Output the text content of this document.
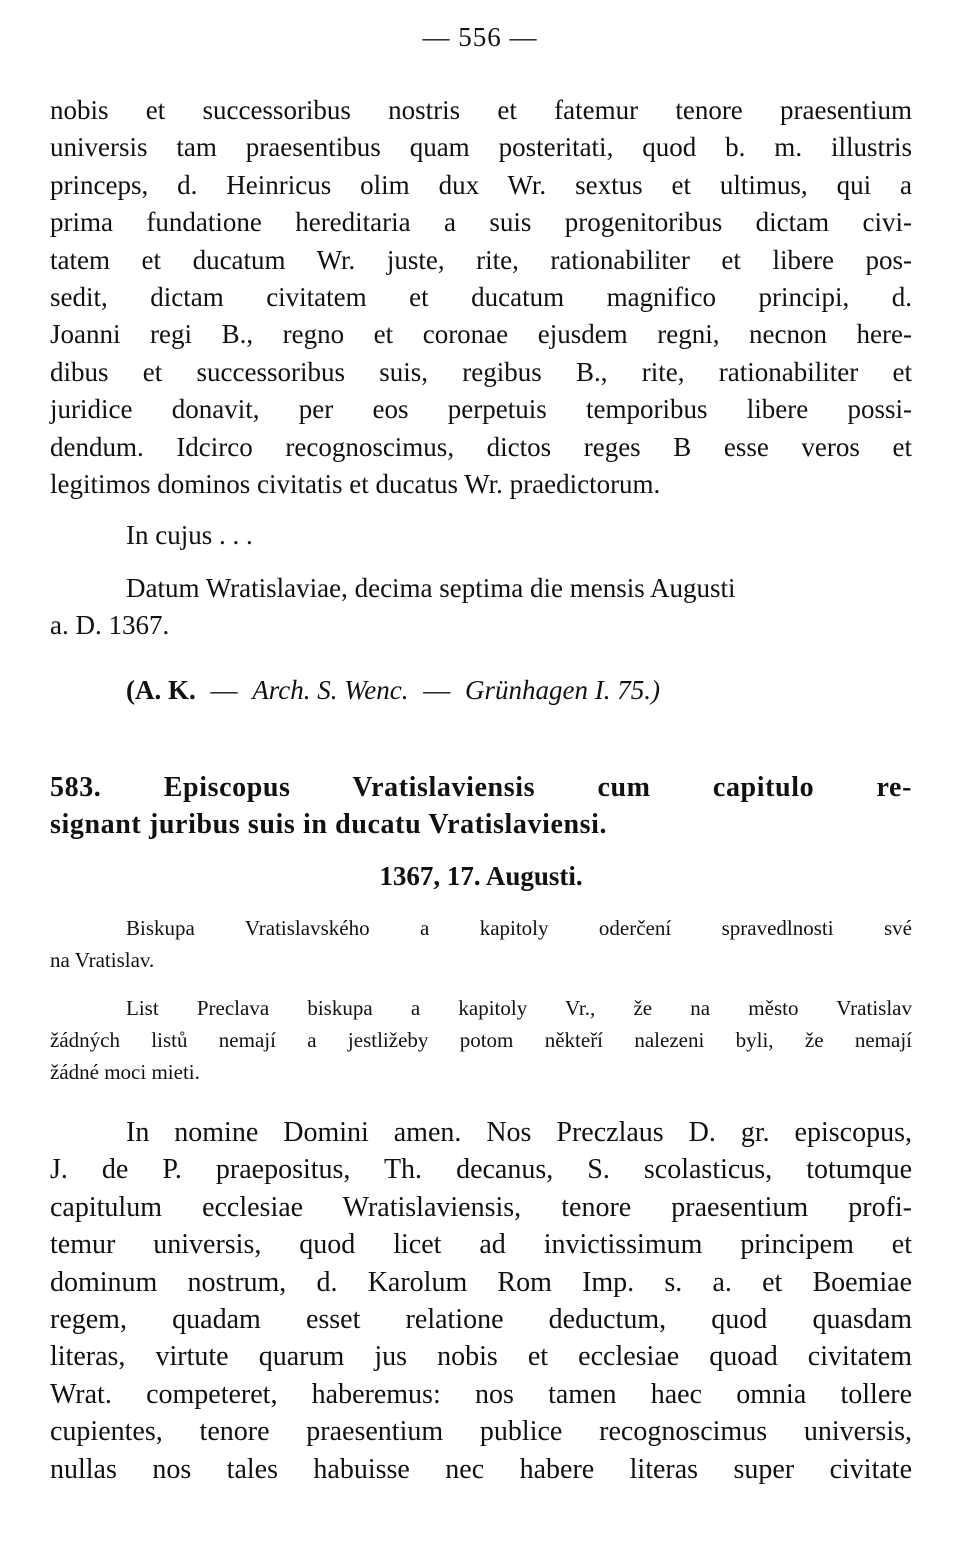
— 556 —
nobis et successoribus nostris et fatemur tenore praesentium
universis tam praesentibus quam posteritati, quod b. m. illustris
princeps, d. Heinricus olim dux Wr. sextus et ultimus, qui a
prima fundatione hereditaria a suis progenitoribus dictam civi-
tatem et ducatum Wr. juste, rite, rationabiliter et libere pos-
sedit, dictam civitatem et ducatum magnifico principi, d.
Joanni regi B., regno et coronae ejusdem regni, necnon here-
dibus et successoribus suis, regibus B., rite, rationabiliter et
juridice donavit, per eos perpetuis temporibus libere possi-
dendum. Idcirco recognoscimus, dictos reges B esse veros et
legitimos dominos civitatis et ducatus Wr. praedictorum.
In cujus . . .
Datum Wratislaviae, decima septima die mensis Augusti
a. D. 1367.
(A. K. — Arch. S. Wenc. — Grünhagen I. 75.)
583. Episcopus Vratislaviensis cum capitulo re-
signant juribus suis in ducatu Vratislaviensi.
1367, 17. Augusti.
Biskupa Vratislavského a kapitoly oderčení spravedlnosti své
na Vratislav.
List Preclava biskupa a kapitoly Vr., že na město Vratislav
žádných listů nemají a jestližeby potom někteří nalezeni byli, že nemají
žádné moci mieti.
In nomine Domini amen. Nos Preczlaus D. gr. episcopus,
J. de P. praepositus, Th. decanus, S. scolasticus, totumque
capitulum ecclesiae Wratislaviensis, tenore praesentium profi-
temur universis, quod licet ad invictissimum principem et
dominum nostrum, d. Karolum Rom Imp. s. a. et Boemiae
regem, quadam esset relatione deductum, quod quasdam
literas, virtute quarum jus nobis et ecclesiae quoad civitatem
Wrat. competeret, haberemus: nos tamen haec omnia tollere
cupientes, tenore praesentium publice recognoscimus universis,
nullas nos tales habuisse nec habere literas super civitate
